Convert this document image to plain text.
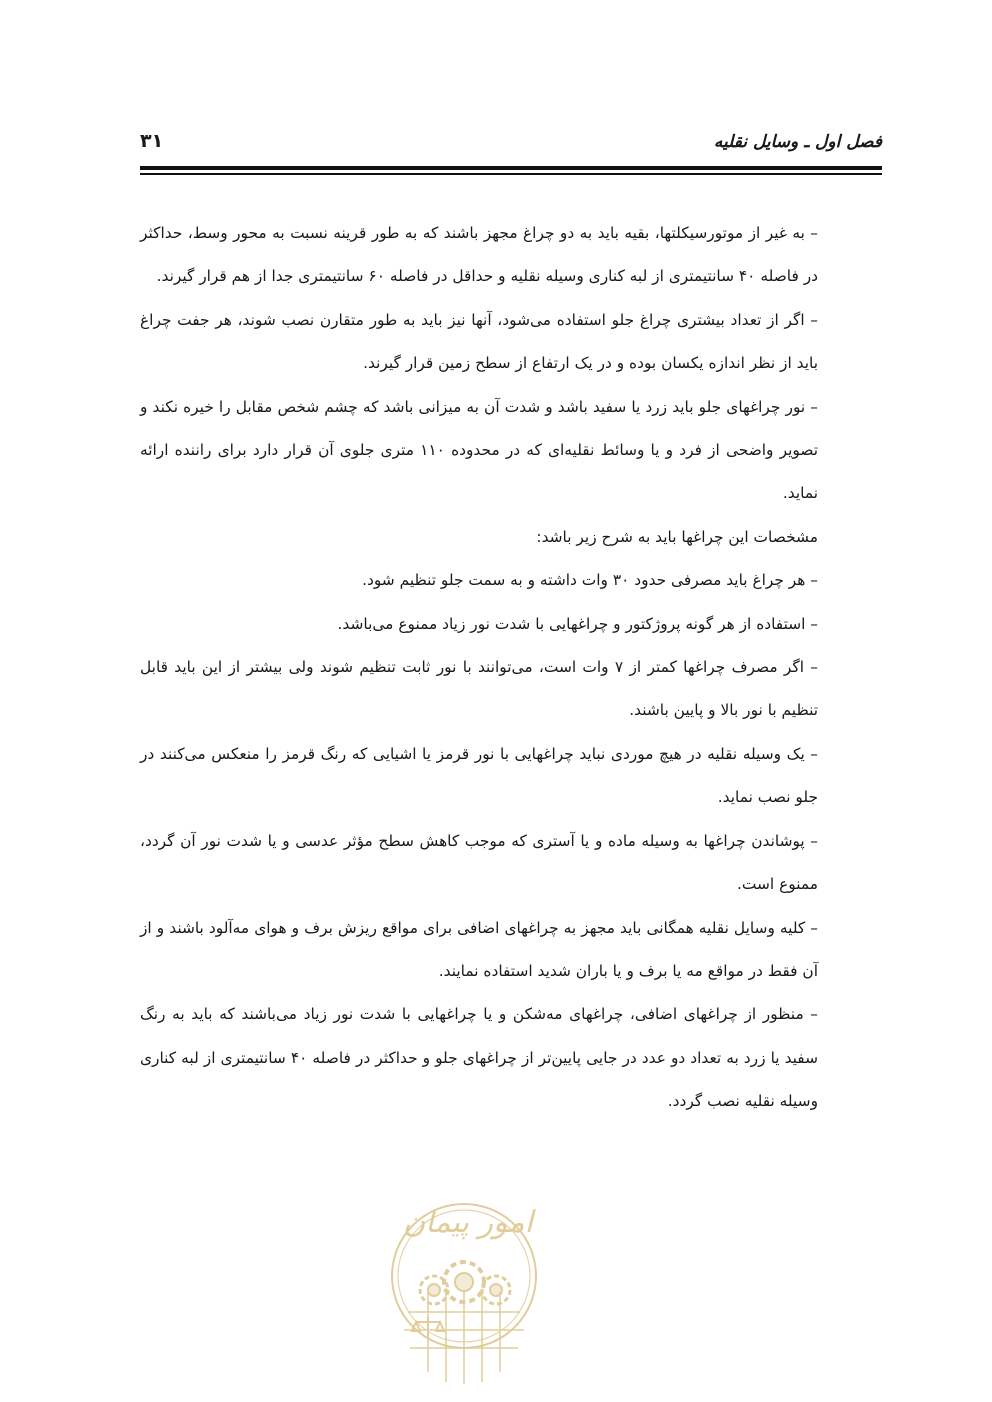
فصل اول ـ وسایل نقلیه
۳۱

– به غیر از موتورسیکلتها، بقیه باید به دو چراغ مجهز باشند که به طور قرینه نسبت به محور وسط، حداکثر در فاصله ۴۰ سانتیمتری از لبه کناری وسیله نقلیه و حداقل در فاصله ۶۰ سانتیمتری جدا از هم قرار گیرند.

– اگر از تعداد بیشتری چراغ جلو استفاده می‌شود، آنها نیز باید به طور متقارن نصب شوند، هر جفت چراغ باید از نظر اندازه یکسان بوده و در یک ارتفاع از سطح زمین قرار گیرند.

– نور چراغهای جلو باید زرد یا سفید باشد و شدت آن به میزانی باشد که چشم شخص مقابل را خیره نکند و تصویر واضحی از فرد و یا وسائط نقلیه‌ای که در محدوده ۱۱۰ متری جلوی آن قرار دارد برای راننده ارائه نماید.

مشخصات این چراغها باید به شرح زیر باشد:

– هر چراغ باید مصرفی حدود ۳۰ وات داشته و به سمت جلو تنظیم شود.

– استفاده از هر گونه پروژکتور و چراغهایی با شدت نور زیاد ممنوع می‌باشد.

– اگر مصرف چراغها کمتر از ۷ وات است، می‌توانند با نور ثابت تنظیم شوند ولی بیشتر از این باید قابل تنظیم با نور بالا و پایین باشند.

– یک وسیله نقلیه در هیچ موردی نباید چراغهایی با نور قرمز یا اشیایی که رنگ قرمز را منعکس می‌کنند در جلو نصب نماید.

– پوشاندن چراغها به وسیله ماده و یا آستری که موجب کاهش سطح مؤثر عدسی و یا شدت نور آن گردد، ممنوع است.

– کلیه وسایل نقلیه همگانی باید مجهز به چراغهای اضافی برای مواقع ریزش برف و هوای مه‌آلود باشند و از آن فقط در مواقع مه یا برف و یا باران شدید استفاده نمایند.

– منظور از چراغهای اضافی، چراغهای مه‌شکن و یا چراغهایی با شدت نور زیاد می‌باشند که باید به رنگ سفید یا زرد به تعداد دو عدد در جایی پایین‌تر از چراغهای جلو و حداکثر در فاصله ۴۰ سانتیمتری از لبه کناری وسیله نقلیه نصب گردد.

امور پیمان
